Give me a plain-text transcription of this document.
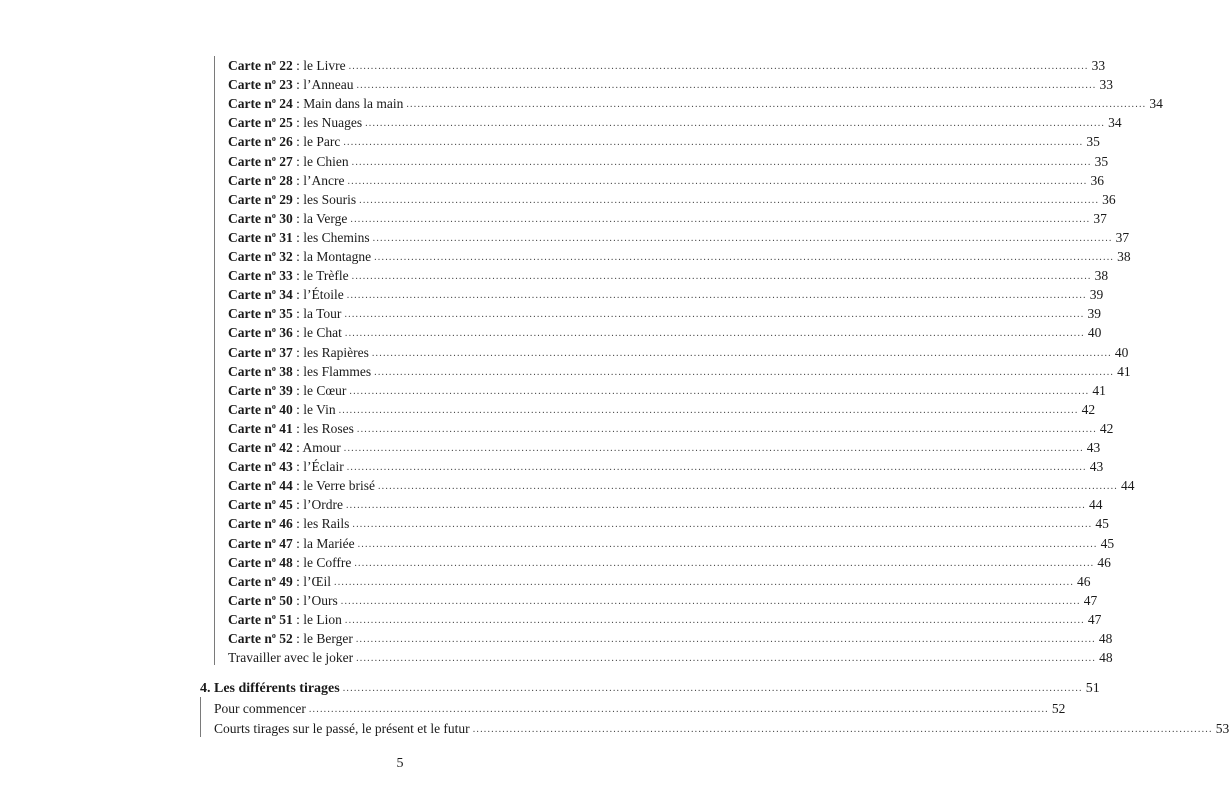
Carte $n^o$ 22 : le Livre ........................................................................................................................................................................................................ 33
Carte $n^o$ 23 : l’Anneau ........................................................................................................................................................................................................ 33
Carte $n^o$ 24 : Main dans la main ........................................................................................................................................................................................................ 34
Carte $n^o$ 25 : les Nuages ........................................................................................................................................................................................................ 34
Carte $n^o$ 26 : le Parc ........................................................................................................................................................................................................ 35
Carte $n^o$ 27 : le Chien ........................................................................................................................................................................................................ 35
Carte $n^o$ 28 : l’Ancre ........................................................................................................................................................................................................ 36
Carte $n^o$ 29 : les Souris ........................................................................................................................................................................................................ 36
Carte $n^o$ 30 : la Verge ........................................................................................................................................................................................................ 37
Carte $n^o$ 31 : les Chemins ........................................................................................................................................................................................................ 37
Carte $n^o$ 32 : la Montagne ........................................................................................................................................................................................................ 38
Carte $n^o$ 33 : le Trèfle ........................................................................................................................................................................................................ 38
Carte $n^o$ 34 : l’Étoile ........................................................................................................................................................................................................ 39
Carte $n^o$ 35 : la Tour ........................................................................................................................................................................................................ 39
Carte $n^o$ 36 : le Chat ........................................................................................................................................................................................................ 40
Carte $n^o$ 37 : les Rapières ........................................................................................................................................................................................................ 40
Carte $n^o$ 38 : les Flammes ........................................................................................................................................................................................................ 41
Carte $n^o$ 39 : le Cœur ........................................................................................................................................................................................................ 41
Carte $n^o$ 40 : le Vin ........................................................................................................................................................................................................ 42
Carte $n^o$ 41 : les Roses ........................................................................................................................................................................................................ 42
Carte $n^o$ 42 : Amour ........................................................................................................................................................................................................ 43
Carte $n^o$ 43 : l’Éclair ........................................................................................................................................................................................................ 43
Carte $n^o$ 44 : le Verre brisé ........................................................................................................................................................................................................ 44
Carte $n^o$ 45 : l’Ordre ........................................................................................................................................................................................................ 44
Carte $n^o$ 46 : les Rails ........................................................................................................................................................................................................ 45
Carte $n^o$ 47 : la Mariée ........................................................................................................................................................................................................ 45
Carte $n^o$ 48 : le Coffre ........................................................................................................................................................................................................ 46
Carte $n^o$ 49 : l’Œil ........................................................................................................................................................................................................ 46
Carte $n^o$ 50 : l’Ours ........................................................................................................................................................................................................ 47
Carte $n^o$ 51 : le Lion ........................................................................................................................................................................................................ 47
Carte $n^o$ 52 : le Berger ........................................................................................................................................................................................................ 48
Travailler avec le joker ........................................................................................................................................................................................................ 48
4. Les différents tirages ........................................................................................................................................................................................................ 51
Pour commencer ........................................................................................................................................................................................................ 52
Courts tirages sur le passé, le présent et le futur ........................................................................................................................................................................................................ 53
5
